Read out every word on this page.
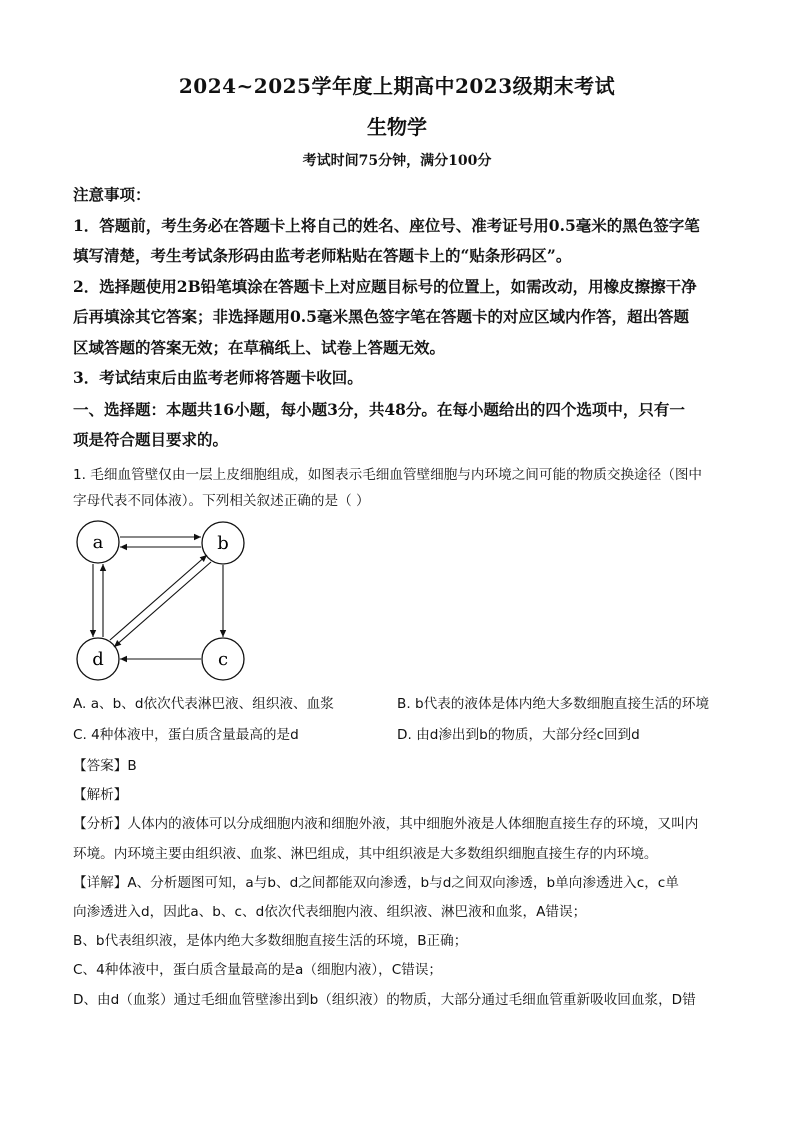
2024~2025学年度上期高中2023级期末考试
生物学
考试时间75分钟，满分100分

注意事项：

1．答题前，考生务必在答题卡上将自己的姓名、座位号、准考证号用0.5毫米的黑色签字笔

填写清楚，考生考试条形码由监考老师粘贴在答题卡上的“贴条形码区”。

2．选择题使用2B铅笔填涂在答题卡上对应题目标号的位置上，如需改动，用橡皮擦擦干净

后再填涂其它答案；非选择题用0.5毫米黑色签字笔在答题卡的对应区域内作答，超出答题

区域答题的答案无效；在草稿纸上、试卷上答题无效。

3．考试结束后由监考老师将答题卡收回。

一、选择题：本题共16小题，每小题3分，共48分。在每小题给出的四个选项中，只有一

项是符合题目要求的。

1. 毛细血管壁仅由一层上皮细胞组成，如图表示毛细血管壁细胞与内环境之间可能的物质交换途径（图中

字母代表不同体液）。下列相关叙述正确的是（ ）

a	b
c
d
A. a、b、d依次代表淋巴液、组织液、血浆	B. b代表的液体是体内绝大多数细胞直接生活的环境
C. 4种体液中，蛋白质含量最高的是d	D. 由d渗出到b的物质，大部分经c回到d

【答案】B

【解析】

【分析】人体内的液体可以分成细胞内液和细胞外液，其中细胞外液是人体细胞直接生存的环境，又叫内

环境。内环境主要由组织液、血浆、淋巴组成，其中组织液是大多数组织细胞直接生存的内环境。

【详解】A、分析题图可知，a与b、d之间都能双向渗透，b与d之间双向渗透，b单向渗透进入c，c单

向渗透进入d，因此a、b、c、d依次代表细胞内液、组织液、淋巴液和血浆，A错误；

B、b代表组织液，是体内绝大多数细胞直接生活的环境，B正确；

C、4种体液中，蛋白质含量最高的是a（细胞内液），C错误；

D、由d（血浆）通过毛细血管壁渗出到b（组织液）的物质，大部分通过毛细血管重新吸收回血浆，D错
